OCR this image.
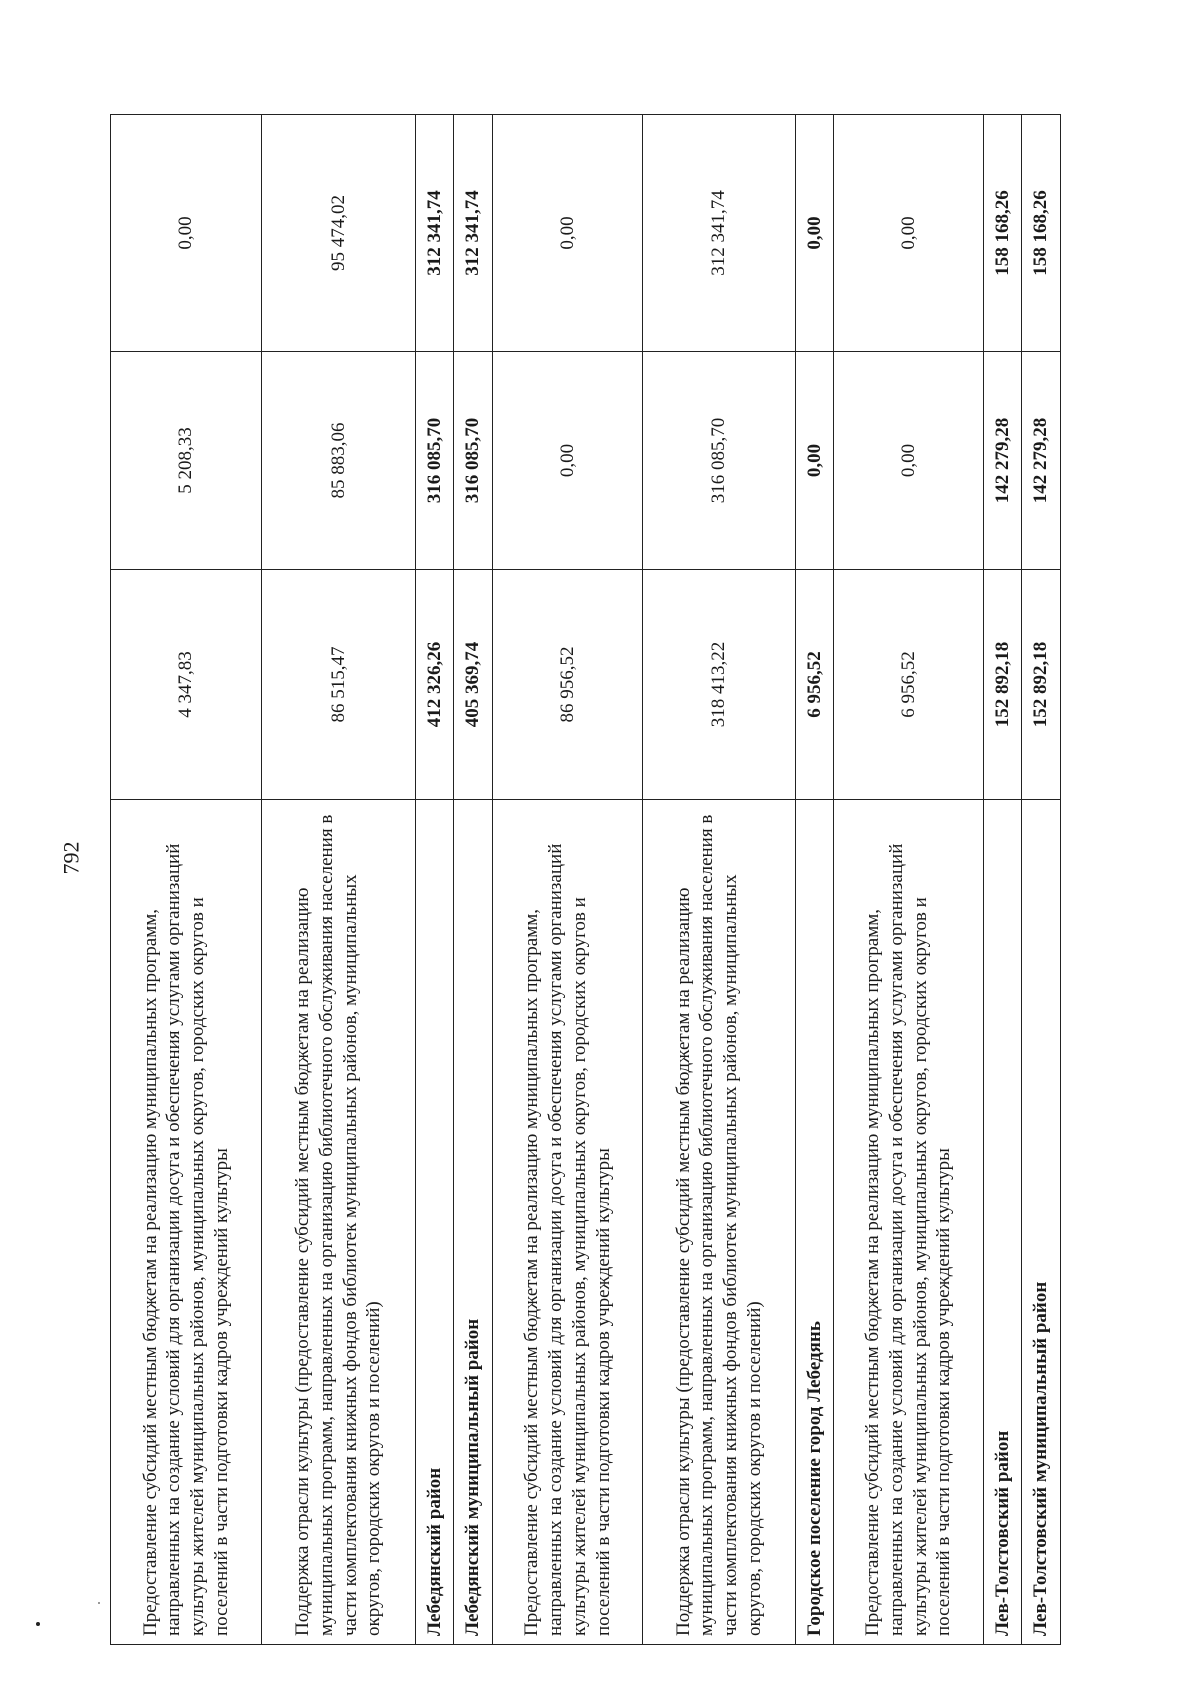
792
Предоставление субсидий местным бюджетам на реализацию муниципальных программ, направленных на создание условий для организации досуга и обеспечения услугами организаций культуры жителей муниципальных районов, муниципальных округов, городских округов и поселений в части подготовки кадров учреждений культуры	4 347,83	5 208,33	0,00
Поддержка отрасли культуры (предоставление субсидий местным бюджетам на реализацию муниципальных программ, направленных на организацию библиотечного обслуживания населения в части комплектования книжных фондов библиотек муниципальных районов, муниципальных округов, городских округов и поселений)	86 515,47	85 883,06	95 474,02
Лебедянский район	412 326,26	316 085,70	312 341,74
Лебедянский муниципальный район	405 369,74	316 085,70	312 341,74
Предоставление субсидий местным бюджетам на реализацию муниципальных программ, направленных на создание условий для организации досуга и обеспечения услугами организаций культуры жителей муниципальных районов, муниципальных округов, городских округов и поселений в части подготовки кадров учреждений культуры	86 956,52	0,00	0,00
Поддержка отрасли культуры (предоставление субсидий местным бюджетам на реализацию муниципальных программ, направленных на организацию библиотечного обслуживания населения в части комплектования книжных фондов библиотек муниципальных районов, муниципальных округов, городских округов и поселений)	318 413,22	316 085,70	312 341,74
Городское поселение город Лебедянь	6 956,52	0,00	0,00
Предоставление субсидий местным бюджетам на реализацию муниципальных программ, направленных на создание условий для организации досуга и обеспечения услугами организаций культуры жителей муниципальных районов, муниципальных округов, городских округов и поселений в части подготовки кадров учреждений культуры	6 956,52	0,00	0,00
Лев-Толстовский район	152 892,18	142 279,28	158 168,26
Лев-Толстовский муниципальный район	152 892,18	142 279,28	158 168,26
